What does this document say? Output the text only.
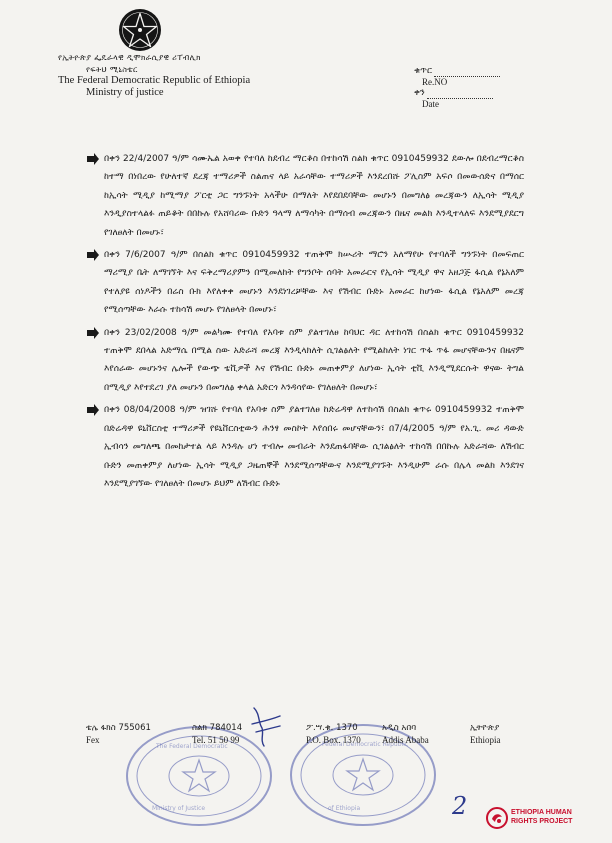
የኢትዮጵያ ፌዴራላዊ ዲሞክራሲያዊ ሪፐብሊክ
የፍትህ ሚኒስቴር
The Federal Democratic Republic of Ethiopia
Ministry of justice
ቁጥር
Re.NO
ቀን
Date

በቀን 22/4/2007 ዓ/ም ሳሙኤል አወቀ የተባለ ከደብረ ማርቆስ በተከሳሽ ስልክ ቁጥር 0910459932 ደውሎ በደብረማርቆስ ከተማ በነበረው የሁለተኛ ደረጃ ተማሪዎች ስልጠና ላይ አራሳቸው ተማሪዎች እንደረበሹ ፖሊስም አፍሶ በመውሰድና በማሰር ከኢሳት ሚዲያ ከሚማያ ፖርቲ ጋር ግንኙነት አላችሁ በማለት እየደበደባቸው መሆኑን በመግለፅ መረጃውን ለኢሳት ሚዲያ እንዲያስተላልፉ ጠይቆት በበኩሉ የአሸባሪው ቡድን ዓላማ ለማሳካት በማሰብ መረጃውን በዜና መልክ እንዲተላለፍ እንደሚያደርግ የገለፀለት በመሆኑ፣

በቀን 7/6/2007 ዓ/ም በስልክ ቁጥር 0910459932 ተጠቅሞ ክሡሪት ማሮን አለማየሁ የተባለች ግንኙነት በመፍጠር ማሪሚያ ቤት ለማገኘት እና ፍቅረማሪያምን በሚመለከት የግንቦት ሰባት አመራርና የኢሳት ሚዲያ ዋና አዘጋጅ ፋሲል የኔአለም የተለያዩ ሰነዶችን በሬስ ቡክ እየለቀቀ መሆኑን እንደነገረቻቸው እና የሽብር ቡድኑ አመራር ከሆነው ፋሲል የኔአለም መረጃ የሚሰጣቸው እራሱ ተከሳሽ መሆኑ የገለፀላት በመሆኑ፣

በቀን 23/02/2008 ዓ/ም መልካሙ የተባለ የአባቱ ስም ያልተገለፀ ከባህር ዳር ለተከሳሽ በስልክ ቁጥር 0910459932 ተጠቅሞ ደበላል አድማሴ በሚል ስው አድራሻ መረጃ እንዲላክለት ሲገልፅለት የሚልከለት ነገር ጥፋ ጥፋ መሆናቸውንና በዜናም እየሰራው መሆኑንና ሌሎች የውጭ ቴቪዎች እና የሽብር ቡድኑ መጠቀምያ ለሆነው ኢሳት ቲቪ እንዲሚደርሱት ዋናው ትግል በሚዲያ እየተደረገ ያለ መሆኑን በመግለፅ ቀላል አድርጎ እንዳሳየው የገለፀለት በመሆኑ፣

በቀን 08/04/2008 ዓ/ም ዝገሹ የተባለ የአባቱ ስም ያልተገለፀ ከድሬዳዋ ለተከሳሽ በስልክ ቁጥሩ 0910459932 ተጠቅሞ በድሬዳዋ ዩኒቨርስቲ ተማሪዎች የዩኒቨርስቲውን ሕንፃ መስኮት እየሰበሩ መሆናቸውን፣ በ7/4/2005 ዓ/ም የአ.ጊ. መሪ ዳውድ ኢብሳን መግለጫ በመከታተል ላይ እንዳሉ ሆነ ተብሎ መብራት እንደጠፋባቸው ሲገልፅለት ተከሳሽ በበኩሉ አድራሻው ለሽብር ቡድን መጠቀምያ ለሆነው ኢሳት ሚዲያ ጋዜጠኞች እንደሚሰጣቸውና እንደሚያገኙት እንዲሁም ራሱ በሌላ መልክ እንደገና እንደሚያገኘው የገለፀለት በመሆኑ ይህም ለሽብር ቡድኑ

The Federal Democratic
Ministry of Justice
Federal Democratic Republic
of Ethiopia
ቴሌ ፋክስ 755061
Fex
ስልክ 784014
Tel. 51 50 99
ፖ.ሣ.ቁ. 1370
P.O. Box. 1370
አዲስ አበባ
Addis Ababa
ኢትዮጵያ
Ethiopia
2	ETHIOPIA HUMAN
RIGHTS PROJECT
